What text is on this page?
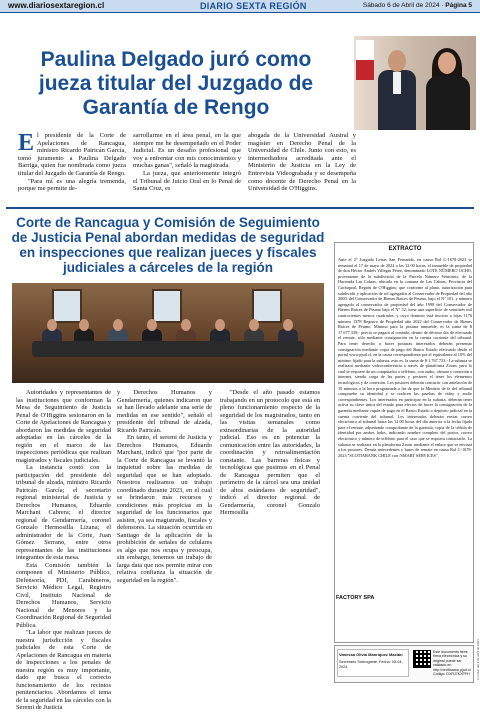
www.diariosextaregion.cl	DIARIO SEXTA REGIÓN	Sábado 6 de Abril de 2024 · Página 5
Paulina Delgado juró como jueza titular del Juzgado de Garantía de Rengo
E l presidente de la Corte de Apelaciones de Rancagua, ministro Ricardo Pairicán García, tomó juramento a Paulina Delgado Barriga, quien fue nombrada como jueza titular del Juzgado de Garantía de Rengo.
"Para mí es una alegría tremenda, porque me permite de-
sarrollarme en el área penal, en la que siempre me he desempeñado en el Poder Judicial. Es un desafío profesional que voy a enfrentar con mis conocimientos y muchas ganas", señaló la magistrada.
La jueza, que anteriormente integró el Tribunal de Juicio Oral en lo Penal de Santa Cruz, es
abogada de la Universidad Austral y magíster en Derecho Penal de la Universidad de Chile. Junto con esto, es intermediadora acreditada ante el Ministerio de Justicia en la Ley de Entrevista Videograbada y se desempeña como docente de Derecho Penal en la Universidad de O'Higgins.
Corte de Rancagua y Comisión de Seguimiento de Justicia Penal abordan medidas de seguridad en inspecciones que realizan jueces y fiscales judiciales a cárceles de la región
Autoridades y representantes de las instituciones que conforman la Mesa de Seguimiento de Justicia Penal de O'Higgins sesionaron en la Corte de Apelaciones de Rancagua y abordaron las medidas de seguridad adoptadas en las cárceles de la región en el marco de las inspecciones periódicas que realizan magistrados y fiscales judiciales.
La instancia contó con la participación del presidente del tribunal de alzada, ministro Ricardo Pairicán García; el secretario regional ministerial de Justicia y Derechos Humanos, Eduardo Marchant Cabrera; el director regional de Gendarmería, coronel Gonzalo Hermosilla Lizana; el administrador de la Corte, Juan Gómez Serrano, entre otros representantes de las instituciones integrantes de esta mesa.
Esta Comisión también la componen el Ministerio Público, Defensoría, PDI, Carabineros, Servicio Médico Legal, Registro Civil, Instituto Nacional de Derechos Humanos, Servicio Nacional de Menores y la Coordinación Regional de Seguridad Pública.
"La labor que realizan jueces de nuestra jurisdicción y fiscales judiciales de esta Corte de Apelaciones de Rancagua en materia de inspecciones a los penales de nuestra región es muy importante, dado que busca el correcto funcionamiento de los recintos penitenciarios. Abordamos el tema de la seguridad en las cárceles con la Seremi de Justicia
y Derechos Humanos y Gendarmería, quienes indicaron que se han llevado adelante una serie de medidas en ese sentido", señaló el presidente del tribunal de alzada, Ricardo Pairicán.
En tanto, el seremi de Justicia y Derechos Humanos, Eduardo Marchant, indicó que "por parte de la Corte de Rancagua se levantó la inquietud sobre las medidas de seguridad que se han adoptado. Nosotros realizamos un trabajo coordinado durante 2023, en el cual se brindaron más recursos y condiciones más propicias en la seguridad de los funcionarios que asisten, ya sea magistrado, fiscales y defensores. La situación ocurrida en Santiago de la aplicación de la prohibición de señales de celulares es algo que nos ocupa y preocupa, sin embargo, tenemos un trabajo de larga data que nos permite mirar con relativa confianza la situación de seguridad en la región".
"Desde el año pasado estamos trabajando en un protocolo que está en pleno funcionamiento respecto de la seguridad de los magistrados, tanto en las visitas semanales como extraordinarias de la autoridad judicial. Eso es en potenciar la comunicación entre las autoridades, la coordinación y retroalimentación constante. Las barreras físicas y tecnológicas que pusimos en el Penal de Rancagua permiten que el perímetro de la cárcel sea una unidad de altos estándares de seguridad", indicó el director regional de Gendarmería, coronel Gonzalo Hermosilla
EXTRACTO
Ante el 2° Juzgado Letras San Fernando, en causa Rol C-1678-2023 se rematará el 17 de mayo de 2024 a las 12:00 horas, el inmueble de propiedad de don Héctor Andrés Villegas Pérez, denominado LOTE NÚMERO OCHO, proveniente de la subdivisión de la Parcela Número Veintiseis, de la Hacienda Las Cabras, ubicado en la comuna de Las Cabras, Provincia del Cachapoal, Región de O'Higgins; que conforme al plano, autorización para subdividir y aplicación de rol agregados al Conservador de Propiedad del año 2000, del Conservador de Bienes Raíces de Peumo, bajo el N° 101, y número agregado al conservador de propiedad del año 1998 del Conservador de Bienes Raíces de Peumo bajo el N° 52, tiene una superficie de veintitrés mil cuatrocientos metros cuadrados, y cuyo dominio está inscrito a fojas 1176 número 1378 Registro de Propiedad año 2022 del Conservador de Bienes Raíces de Peumo. Mínimo para la postura inmueble, es la suma de $ 17.677.338.- precio se pagará al contado, dentro de décimo día de efectuado el remate, sólo mediante consignación en la cuenta corriente del tribunal. Para tener derecho a hacer posturas interesados deberán presentar consignación mediante copia de pago del Banco Estado efectuado desde el portal www.pjud.cl, en la causa correspondiente por el equivalente al 10% del mínimo fijado para la subasta, esto es, la suma de $ 1.767.733.- La subasta se realizará mediante videoconferencia a través de plataforma Zoom, para lo cual se requiere de un computador o teléfono, con audio, cámara y conexión a internet, siendo carga de las partes y postores el tener los elementos tecnológicos y de conexión. Los postores deberán concurrir con antelación de 10 minutos a la hora programada a fin de que la Ministro de fe del tribunal compruebe su identidad y se realicen las pruebas de video y audio correspondientes. Los interesados en participar en la subasta, deberán tener activa su clave única del estado para efectos de hacer la consignación de la garantía mediante cupón de pago en el Banco Estado o depósito judicial en la cuenta corriente del tribunal. Los interesados deberán enviar correo electrónico al tribunal hasta las 12:00 horas del día anterior a la fecha fijada para el remate, adjuntando comprobante de la garantía, copia de la cédula de identidad por ambos lados, indicando nombre completo del postor, correo electrónico y número de teléfono para el caso que se requiera contactarlo. La subasta se realizará en la plataforma Zoom mediante el enlace que se enviará a los postores. Demás antecedentes y bases de remate en causa Rol C-1678-2023 "SCOTIABANK CHILE con /SMART SERVICES".
FACTORY SPA
Vanessa Olivia Manríquez Macián
Secretario Subrogante, Fecha: 05-04-2024
Este documento tiene firma electrónica y su original puede ser validado en http://verificadoc.pjud.cl Código: DXRJ7KXPFH	A contar del 1 de abril de 2024
